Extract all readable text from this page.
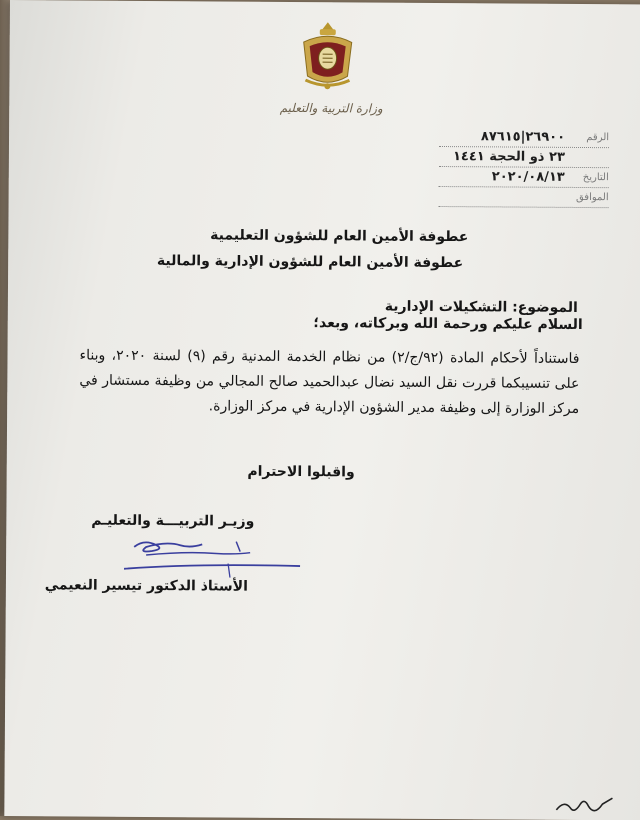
وزارة التربية والتعليم
الرقم
٢٦٩٠٠|٨٧٦١٥
٢٣ ذو الحجة ١٤٤١
التاريخ
٢٠٢٠/٠٨/١٣
الموافق
عطوفة الأمين العام للشؤون التعليمية
عطوفة الأمين العام للشؤون الإدارية والمالية
الموضوع: التشكيلات الإدارية
السلام عليكم ورحمة الله وبركاته، وبعد؛
فاستناداً لأحكام المادة (٩٢/ج/٢) من نظام الخدمة المدنية رقم (٩) لسنة ٢٠٢٠، وبناء على تنسيبكما قررت نقل السيد نضال عبدالحميد صالح المجالي من وظيفة مستشار في مركز الوزارة إلى وظيفة مدير الشؤون الإدارية في مركز الوزارة.
واقبلوا الاحترام
وزيـر التربيـــة والتعليـم
الأستاذ الدكتور تيسير النعيمي
